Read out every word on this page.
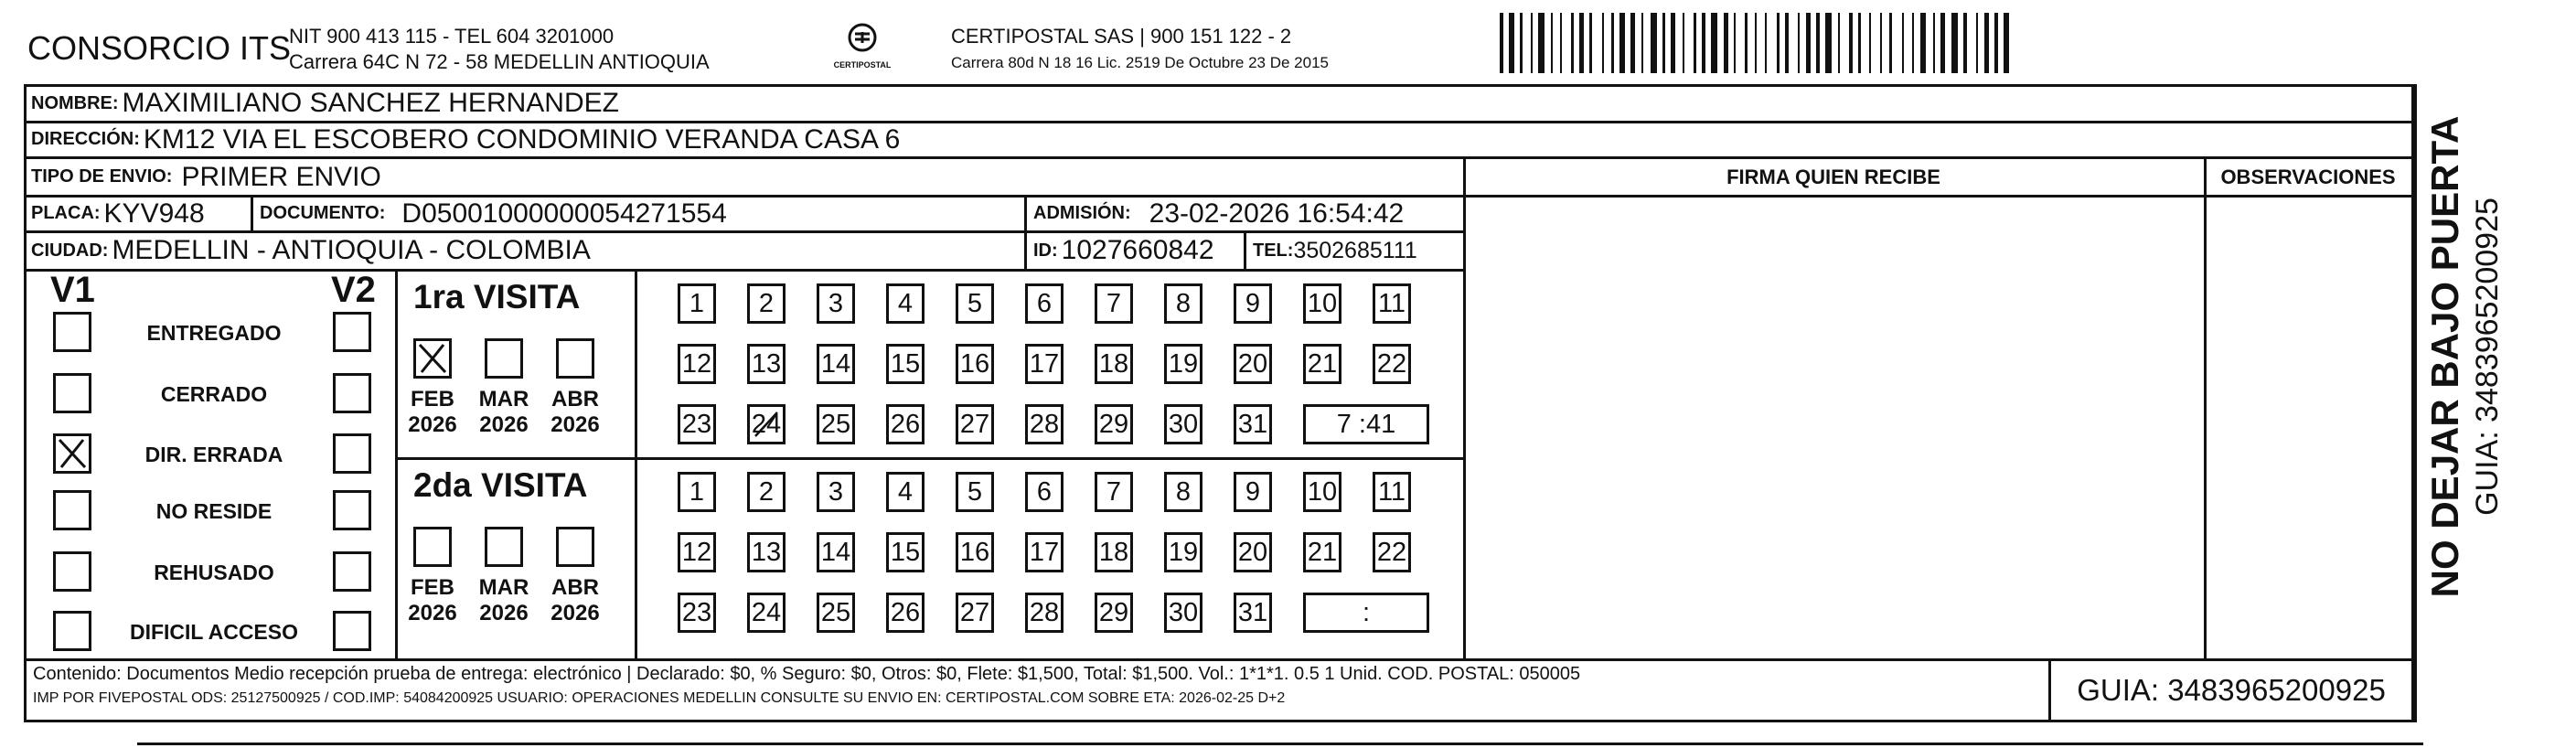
CONSORCIO ITS
NIT 900 413 115 - TEL 604 3201000
Carrera 64C N 72 - 58 MEDELLIN ANTIOQUIA	CERTIPOSTAL
CERTIPOSTAL SAS | 900 151 122 - 2
Carrera 80d N 18 16 Lic. 2519 De Octubre 23 De 2015
NOMBRE: MAXIMILIANO SANCHEZ HERNANDEZ
DIRECCIÓN: KM12 VIA EL ESCOBERO CONDOMINIO VERANDA CASA 6
TIPO DE ENVIO: PRIMER ENVIO	FIRMA QUIEN RECIBE	OBSERVACIONES
PLACA: KYV948	DOCUMENTO: D05001000000054271554	ADMISIÓN: 23-02-2026 16:54:42
CIUDAD: MEDELLIN - ANTIOQUIA - COLOMBIA	ID: 1027660842 TEL: 3502685111
V1	V2
ENTREGADO
CERRADO
DIR. ERRADA
NO RESIDE
REHUSADO
DIFICIL ACCESO
1ra VISITA
FEB
2026
MAR
2026
ABR
2026
1 2 3 4 5 6 7 8 9 10 11
12 13 14 15 16 17 18 19 20 21 22
23 24 25 26 27 28 29 30 31	7 :41
2da VISITA
FEB
2026
MAR
2026
ABR
2026
1 2 3 4 5 6 7 8 9 10 11
12 13 14 15 16 17 18 19 20 21 22
23 24 25 26 27 28 29 30 31	:
Contenido: Documentos Medio recepción prueba de entrega: electrónico | Declarado: $0, % Seguro: $0, Otros: $0, Flete: $1,500, Total: $1,500. Vol.: 1*1*1. 0.5 1 Unid. COD. POSTAL: 050005
IMP POR FIVEPOSTAL ODS: 25127500925 / COD.IMP: 54084200925 USUARIO: OPERACIONES MEDELLIN CONSULTE SU ENVIO EN: CERTIPOSTAL.COM SOBRE ETA: 2026-02-25 D+2	GUIA: 3483965200925
NO DEJAR BAJO PUERTA GUIA: 3483965200925
